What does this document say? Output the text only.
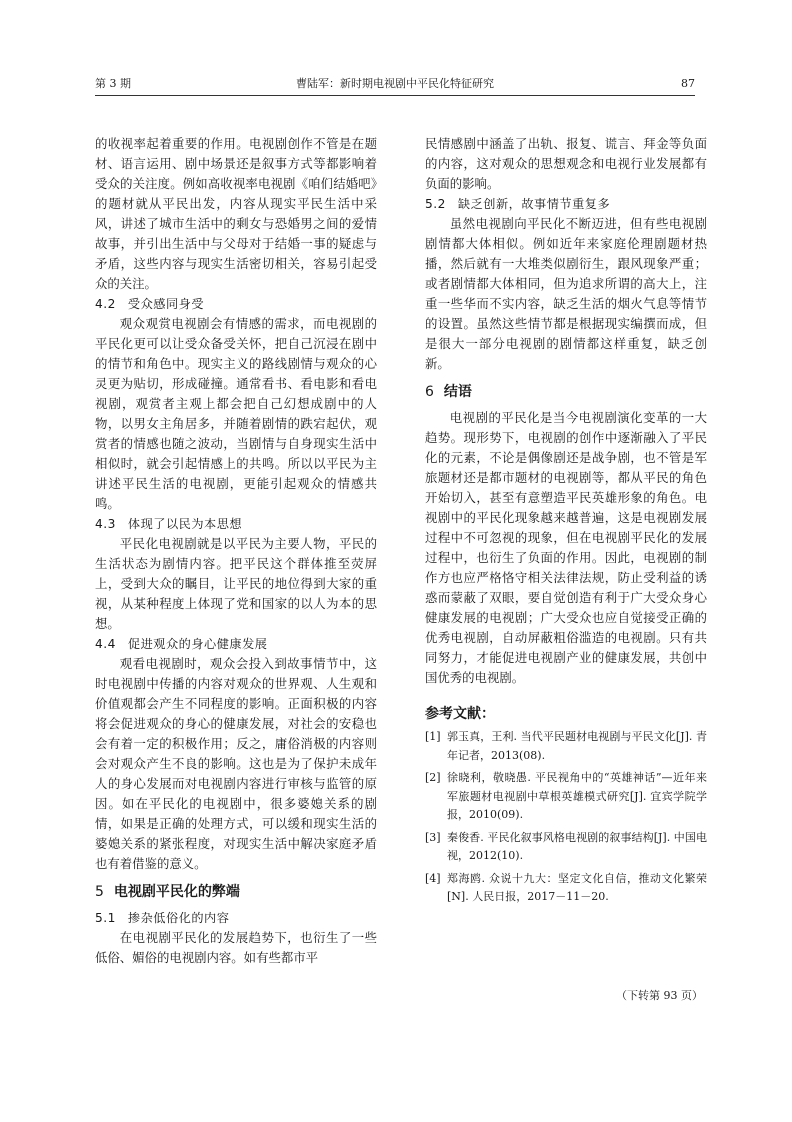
第 3 期	曹陆军：新时期电视剧中平民化特征研究	87

的收视率起着重要的作用。电视剧创作不管是在题材、语言运用、剧中场景还是叙事方式等都影响着受众的关注度。例如高收视率电视剧《咱们结婚吧》的题材就从平民出发，内容从现实平民生活中采风，讲述了城市生活中的剩女与恐婚男之间的爱情故事，并引出生活中与父母对于结婚一事的疑虑与矛盾，这些内容与现实生活密切相关，容易引起受众的关注。

4.2 受众感同身受

观众观赏电视剧会有情感的需求，而电视剧的平民化更可以让受众备受关怀，把自己沉浸在剧中的情节和角色中。现实主义的路线剧情与观众的心灵更为贴切，形成碰撞。通常看书、看电影和看电视剧，观赏者主观上都会把自己幻想成剧中的人物，以男女主角居多，并随着剧情的跌宕起伏，观赏者的情感也随之波动，当剧情与自身现实生活中相似时，就会引起情感上的共鸣。所以以平民为主讲述平民生活的电视剧，更能引起观众的情感共鸣。

4.3 体现了以民为本思想

平民化电视剧就是以平民为主要人物，平民的生活状态为剧情内容。把平民这个群体推至荧屏上，受到大众的瞩目，让平民的地位得到大家的重视，从某种程度上体现了党和国家的以人为本的思想。

4.4 促进观众的身心健康发展

观看电视剧时，观众会投入到故事情节中，这时电视剧中传播的内容对观众的世界观、人生观和价值观都会产生不同程度的影响。正面积极的内容将会促进观众的身心的健康发展，对社会的安稳也会有着一定的积极作用；反之，庸俗消极的内容则会对观众产生不良的影响。这也是为了保护未成年人的身心发展而对电视剧内容进行审核与监管的原因。如在平民化的电视剧中，很多婆媳关系的剧情，如果是正确的处理方式，可以缓和现实生活的婆媳关系的紧张程度，对现实生活中解决家庭矛盾也有着借鉴的意义。

5 电视剧平民化的弊端
5.1 掺杂低俗化的内容

在电视剧平民化的发展趋势下，也衍生了一些低俗、媚俗的电视剧内容。如有些都市平

民情感剧中涵盖了出轨、报复、谎言、拜金等负面的内容，这对观众的思想观念和电视行业发展都有负面的影响。

5.2 缺乏创新，故事情节重复多

虽然电视剧向平民化不断迈进，但有些电视剧剧情都大体相似。例如近年来家庭伦理剧题材热播，然后就有一大堆类似剧衍生，跟风现象严重；或者剧情都大体相同，但为追求所谓的高大上，注重一些华而不实内容，缺乏生活的烟火气息等情节的设置。虽然这些情节都是根据现实编撰而成，但是很大一部分电视剧的剧情都这样重复，缺乏创新。

6 结语

电视剧的平民化是当今电视剧演化变革的一大趋势。现形势下，电视剧的创作中逐渐融入了平民化的元素，不论是偶像剧还是战争剧，也不管是军旅题材还是都市题材的电视剧等，都从平民的角色开始切入，甚至有意塑造平民英雄形象的角色。电视剧中的平民化现象越来越普遍，这是电视剧发展过程中不可忽视的现象，但在电视剧平民化的发展过程中，也衍生了负面的作用。因此，电视剧的制作方也应严格恪守相关法律法规，防止受利益的诱惑而蒙蔽了双眼，要自觉创造有利于广大受众身心健康发展的电视剧；广大受众也应自觉接受正确的优秀电视剧，自动屏蔽粗俗滥造的电视剧。只有共同努力，才能促进电视剧产业的健康发展，共创中国优秀的电视剧。

参考文献：
[1] 郭玉真，王利. 当代平民题材电视剧与平民文化[J]. 青年记者，2013(08).
[2] 徐晓利，敬晓愚. 平民视角中的“英雄神话”—近年来军旅题材电视剧中草根英雄模式研究[J]. 宜宾学院学报，2010(09).
[3] 秦俊香. 平民化叙事风格电视剧的叙事结构[J]. 中国电视，2012(10).
[4] 郑海鸥. 众说十九大：坚定文化自信，推动文化繁荣[N]. 人民日报，2017－11－20.
（下转第 93 页）
